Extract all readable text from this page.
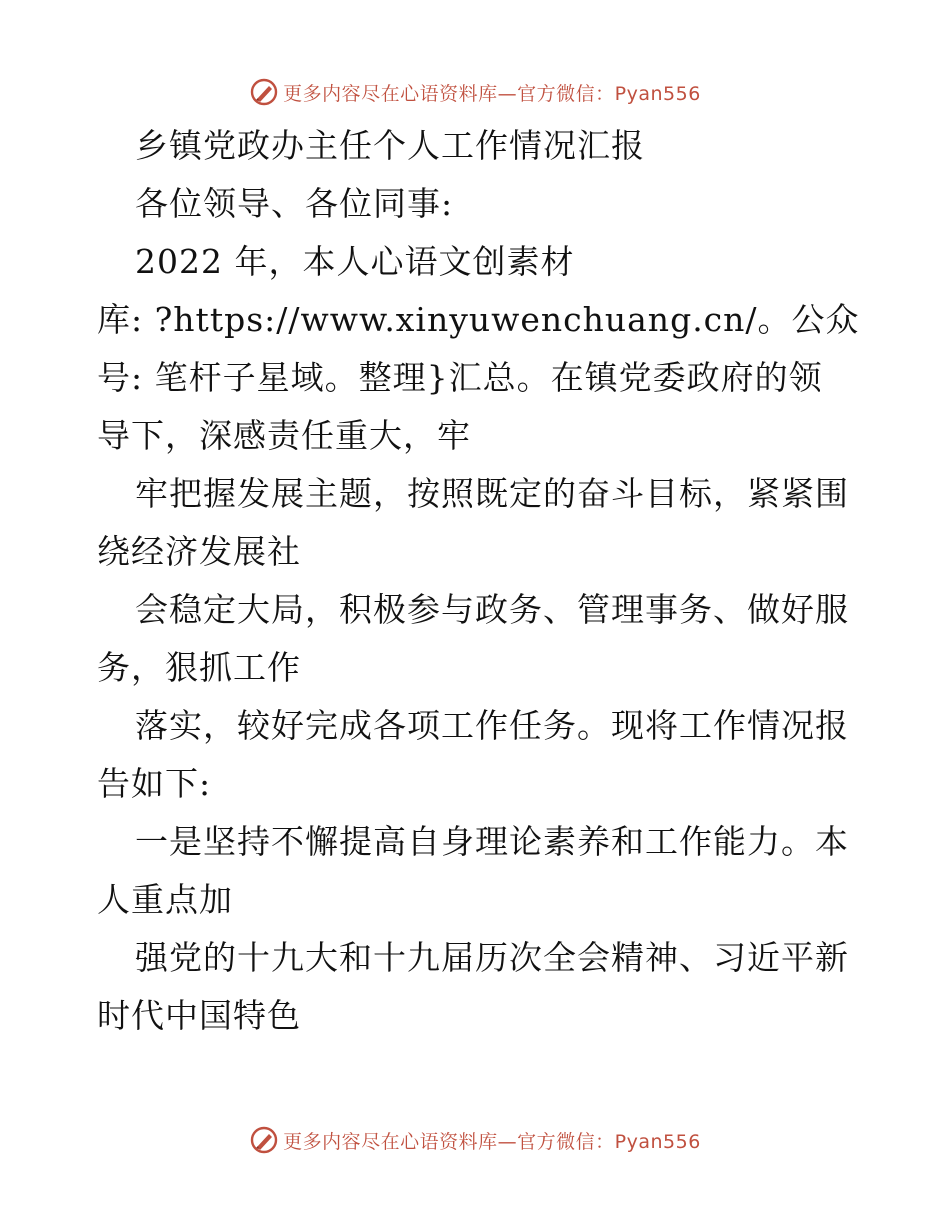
更多内容尽在心语资料库—官方微信：Pyan556
乡镇党政办主任个人工作情况汇报
各位领导、各位同事:
2022 年，本人心语文创素材
库: ?https://www.xinyuwenchuang.cn/。公众
号: 笔杆子星域。整理}汇总。在镇党委政府的领
导下，深感责任重大，牢
牢把握发展主题，按照既定的奋斗目标，紧紧围
绕经济发展社
会稳定大局，积极参与政务、管理事务、做好服
务，狠抓工作
落实，较好完成各项工作任务。现将工作情况报
告如下:
一是坚持不懈提高自身理论素养和工作能力。本
人重点加
强党的十九大和十九届历次全会精神、习近平新
时代中国特色
更多内容尽在心语资料库—官方微信：Pyan556
